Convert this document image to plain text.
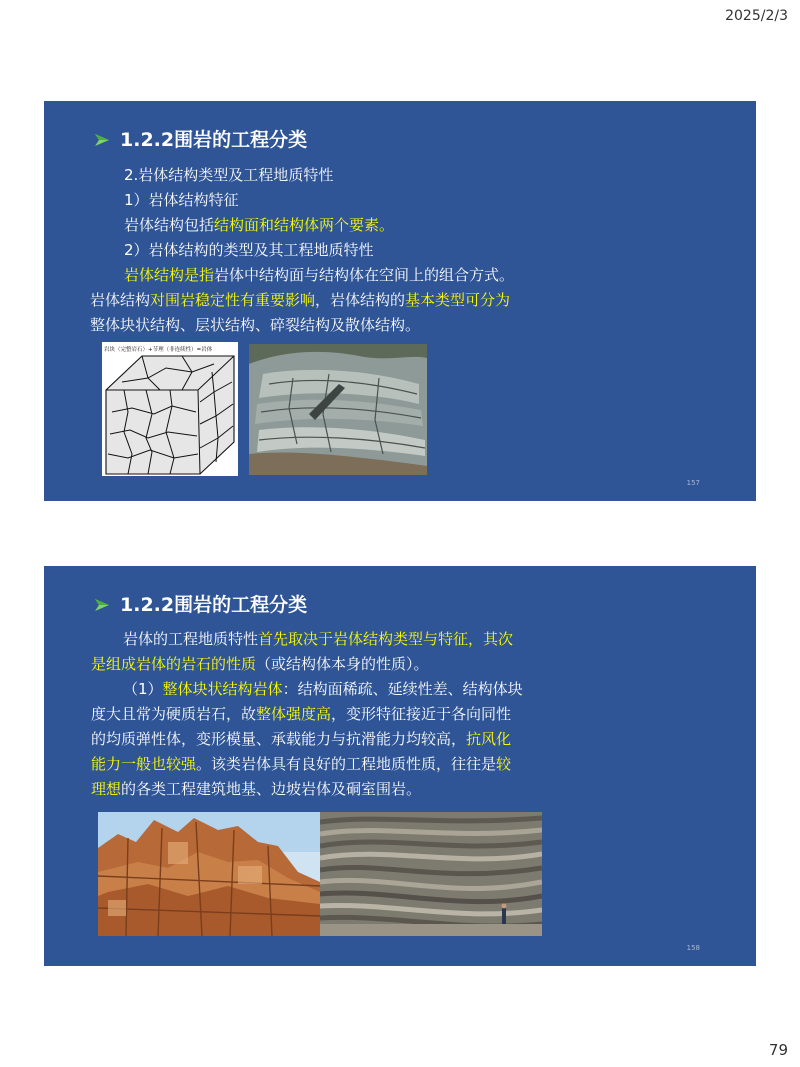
2025/2/3
1.2.2围岩的工程分类
2.岩体结构类型及工程地质特性
1）岩体结构特征
岩体结构包括结构面和结构体两个要素。
2）岩体结构的类型及其工程地质特性
岩体结构是指岩体中结构面与结构体在空间上的组合方式。
岩体结构对围岩稳定性有重要影响，岩体结构的基本类型可分为
整体块状结构、层状结构、碎裂结构及散体结构。
岩块（完整岩石）+节理（非连续性）=岩体
157
1.2.2围岩的工程分类
岩体的工程地质特性首先取决于岩体结构类型与特征，其次
是组成岩体的岩石的性质（或结构体本身的性质）。
（1）整体块状结构岩体：结构面稀疏、延续性差、结构体块
度大且常为硬质岩石，故整体强度高，变形特征接近于各向同性
的均质弹性体，变形模量、承载能力与抗滑能力均较高，抗风化
能力一般也较强。该类岩体具有良好的工程地质性质，往往是较
理想的各类工程建筑地基、边坡岩体及硐室围岩。
158
79
